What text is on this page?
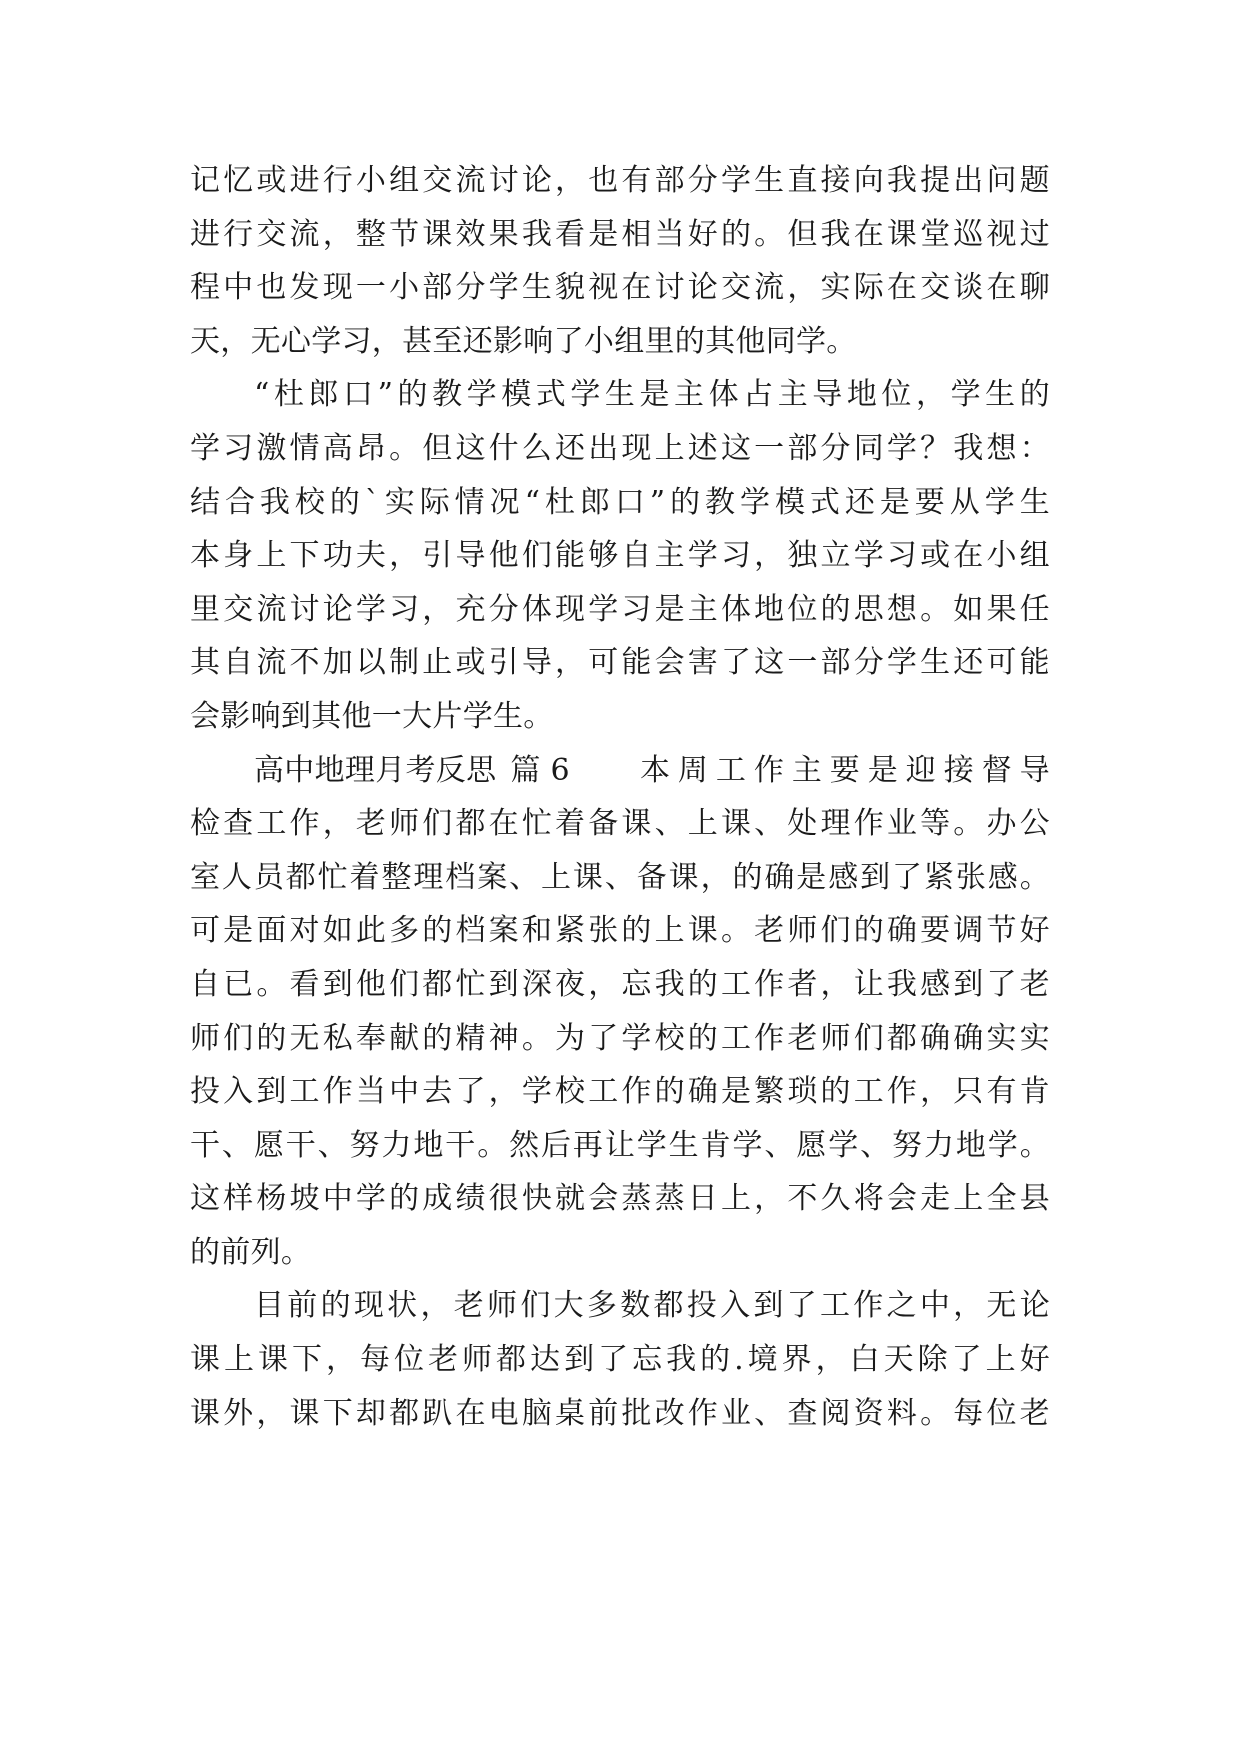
记忆或进行小组交流讨论，也有部分学生直接向我提出问题
进行交流，整节课效果我看是相当好的。但我在课堂巡视过
程中也发现一小部分学生貌视在讨论交流，实际在交谈在聊
天，无心学习，甚至还影响了小组里的其他同学。
“杜郎口”的教学模式学生是主体占主导地位，学生的
学习激情高昂。但这什么还出现上述这一部分同学？我想：
结合我校的`实际情况“杜郎口”的教学模式还是要从学生
本身上下功夫，引导他们能够自主学习，独立学习或在小组
里交流讨论学习，充分体现学习是主体地位的思想。如果任
其自流不加以制止或引导，可能会害了这一部分学生还可能
会影响到其他一大片学生。
高中地理月考反思 篇 6 本周工作主要是迎接督导
检查工作，老师们都在忙着备课、上课、处理作业等。办公
室人员都忙着整理档案、上课、备课，的确是感到了紧张感。
可是面对如此多的档案和紧张的上课。老师们的确要调节好
自已。看到他们都忙到深夜，忘我的工作者，让我感到了老
师们的无私奉献的精神。为了学校的工作老师们都确确实实
投入到工作当中去了，学校工作的确是繁琐的工作，只有肯
干、愿干、努力地干。然后再让学生肯学、愿学、努力地学。
这样杨坡中学的成绩很快就会蒸蒸日上，不久将会走上全县
的前列。
目前的现状，老师们大多数都投入到了工作之中，无论
课上课下，每位老师都达到了忘我的.境界，白天除了上好
课外，课下却都趴在电脑桌前批改作业、查阅资料。每位老
